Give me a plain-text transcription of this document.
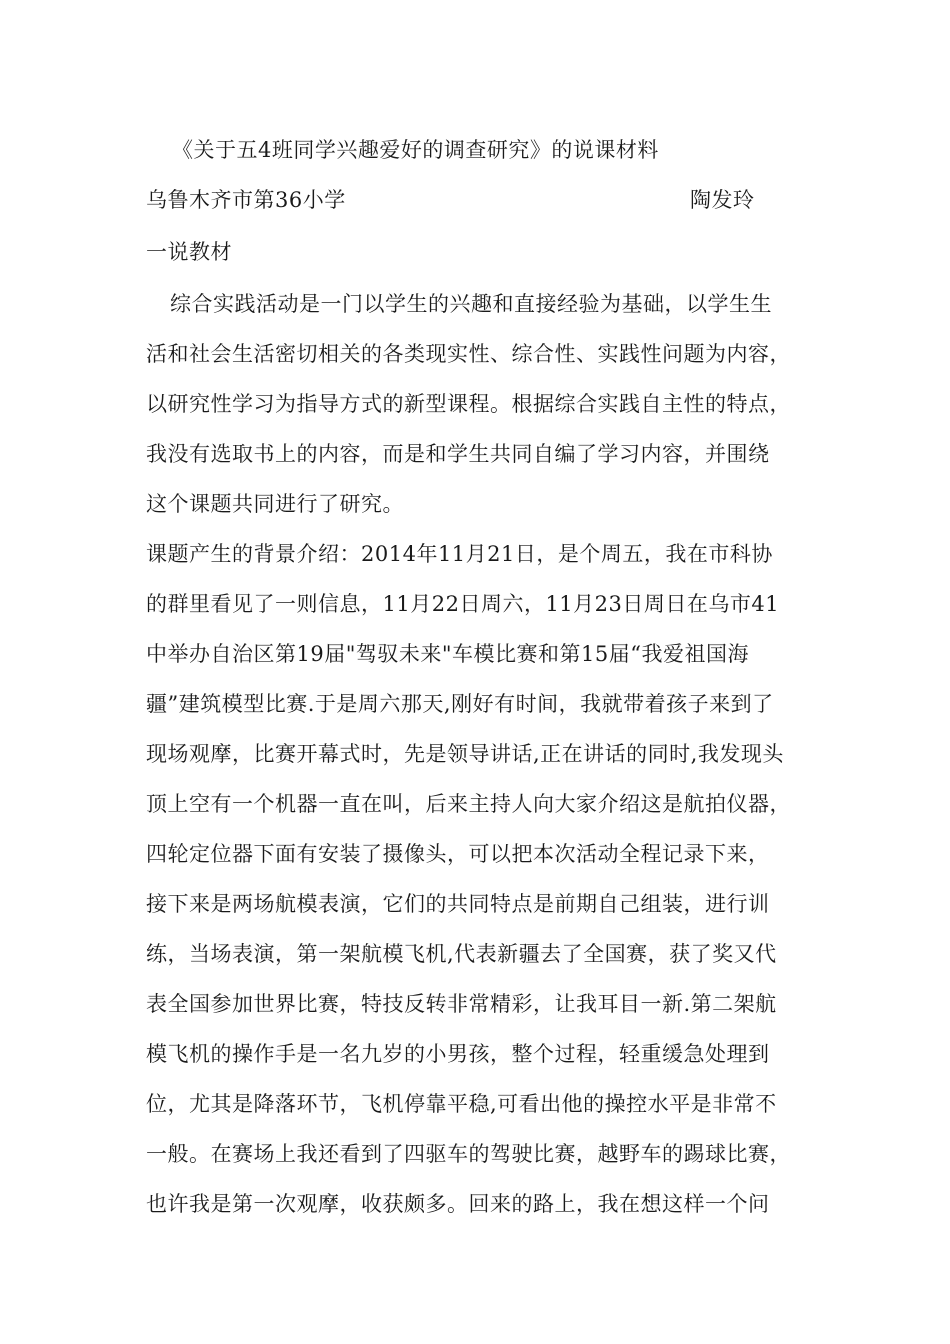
《关于五4班同学兴趣爱好的调查研究》的说课材料
乌鲁木齐市第36小学	陶发玲
一说教材
综合实践活动是一门以学生的兴趣和直接经验为基础，以学生生
活和社会生活密切相关的各类现实性、综合性、实践性问题为内容，
以研究性学习为指导方式的新型课程。根据综合实践自主性的特点，
我没有选取书上的内容，而是和学生共同自编了学习内容，并围绕
这个课题共同进行了研究。
课题产生的背景介绍：2014年11月21日，是个周五，我在市科协
的群里看见了一则信息，11月22日周六，11月23日周日在乌市41
中举办自治区第19届"驾驭未来"车模比赛和第15届“我爱祖国海
疆”建筑模型比赛.于是周六那天,刚好有时间，我就带着孩子来到了
现场观摩，比赛开幕式时，先是领导讲话,正在讲话的同时,我发现头
顶上空有一个机器一直在叫，后来主持人向大家介绍这是航拍仪器，
四轮定位器下面有安装了摄像头，可以把本次活动全程记录下来，
接下来是两场航模表演，它们的共同特点是前期自己组装，进行训
练，当场表演，第一架航模飞机,代表新疆去了全国赛，获了奖又代
表全国参加世界比赛，特技反转非常精彩，让我耳目一新.第二架航
模飞机的操作手是一名九岁的小男孩，整个过程，轻重缓急处理到
位，尤其是降落环节，飞机停靠平稳,可看出他的操控水平是非常不
一般。在赛场上我还看到了四驱车的驾驶比赛，越野车的踢球比赛，
也许我是第一次观摩，收获颇多。回来的路上，我在想这样一个问
